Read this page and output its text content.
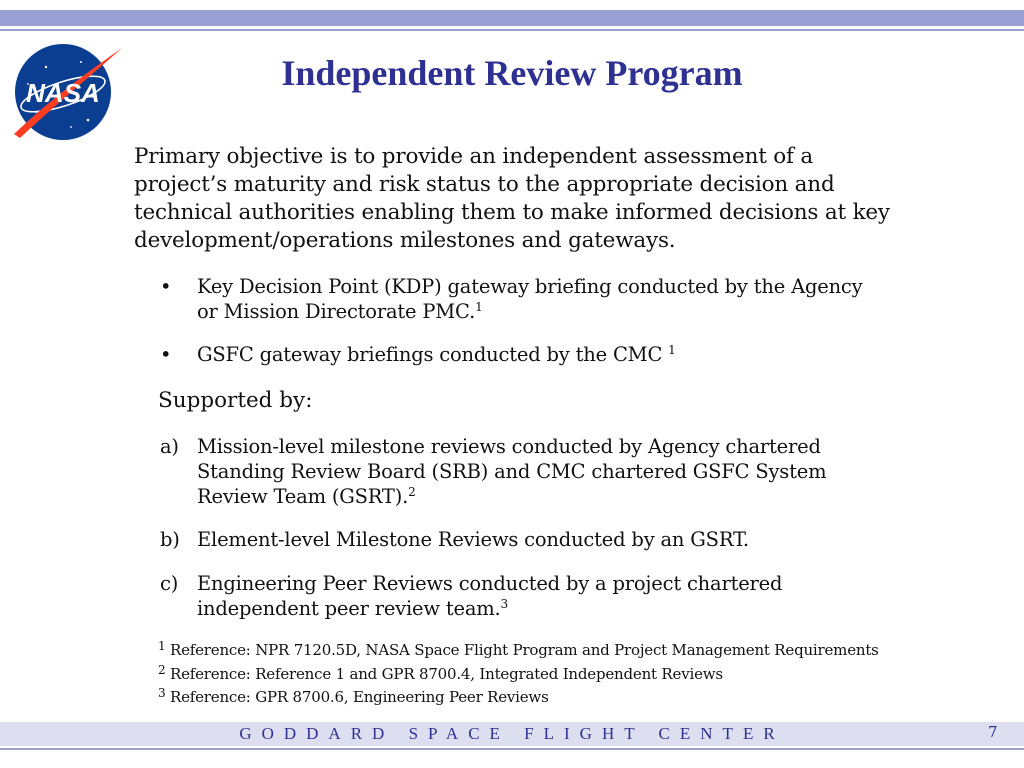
NASA	Independent Review Program
Primary objective is to provide an independent assessment of a project’s maturity and risk status to the appropriate decision and technical authorities enabling them to make informed decisions at key development/operations milestones and gateways.
• Key Decision Point (KDP) gateway briefing conducted by the Agency or Mission Directorate PMC.$^1$
• GSFC gateway briefings conducted by the CMC $^1$
Supported by:
a) Mission-level milestone reviews conducted by Agency chartered Standing Review Board (SRB) and CMC chartered GSFC System Review Team (GSRT).$^2$
b) Element-level Milestone Reviews conducted by an GSRT.
c) Engineering Peer Reviews conducted by a project chartered independent peer review team.$^3$
$^1$ Reference: NPR 7120.5D, NASA Space Flight Program and Project Management Requirements
$^2$ Reference: Reference 1 and GPR 8700.4, Integrated Independent Reviews
$^3$ Reference: GPR 8700.6, Engineering Peer Reviews
GODDARD SPACE FLIGHT CENTER	7
